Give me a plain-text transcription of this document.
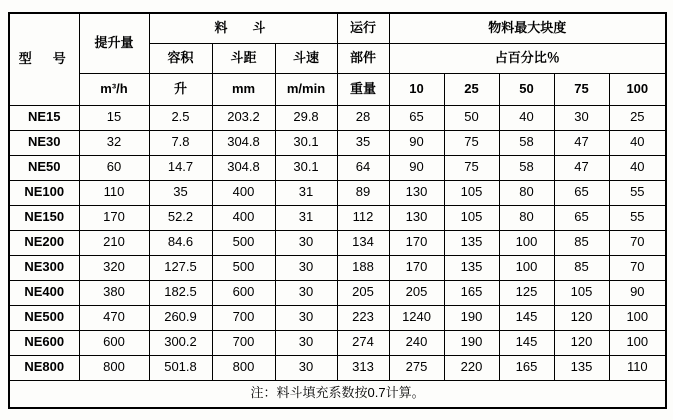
型　号	提升量	料　斗			运行	物料最大块度				
		容积	斗距	斗速	部件	占百分比％				
	m³/h	升	mm	m/min	重量	10	25	50	75	100
NE15	15	2.5	203.2	29.8	28	65	50	40	30	25
NE30	32	7.8	304.8	30.1	35	90	75	58	47	40
NE50	60	14.7	304.8	30.1	64	90	75	58	47	40
NE100	110	35	400	31	89	130	105	80	65	55
NE150	170	52.2	400	31	112	130	105	80	65	55
NE200	210	84.6	500	30	134	170	135	100	85	70
NE300	320	127.5	500	30	188	170	135	100	85	70
NE400	380	182.5	600	30	205	205	165	125	105	90
NE500	470	260.9	700	30	223	1240	190	145	120	100
NE600	600	300.2	700	30	274	240	190	145	120	100
NE800	800	501.8	800	30	313	275	220	165	135	110
注：料斗填充系数按0.7计算。										
